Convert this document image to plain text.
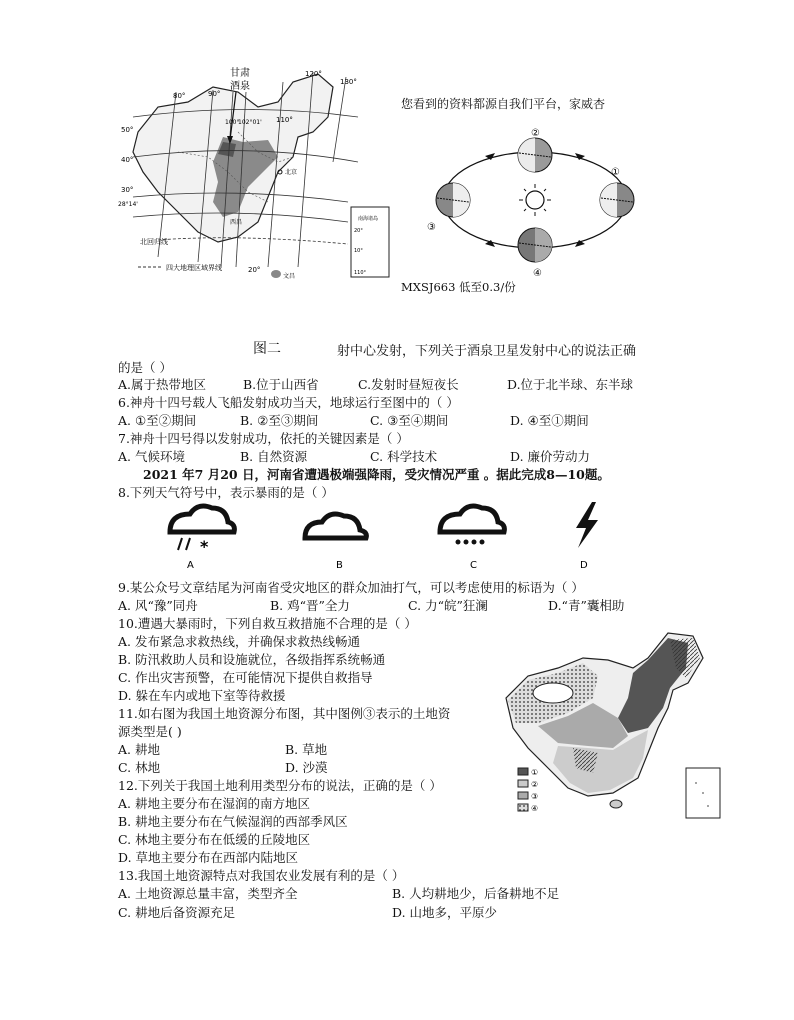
甘肃
酒泉
80°	90°
100°
102°01' 110°
120°
130°
50°
40°
30°
28°14'
20°
北回归线
四大地理区域界线
西昌
北京
文昌
南海诸岛
20°
10°
110°
您看到的资料都源自我们平台，家威杏
②
①
③
④
MXSJ663 低至0.3/份
图二	射中心发射，下列关于酒泉卫星发射中心的说法正确
的是（ ）
A.属于热带地区	B.位于山西省	C.发射时昼短夜长	D.位于北半球、东半球
6.神舟十四号载人飞船发射成功当天，地球运行至图中的（ ）
A. ①至②期间	B. ②至③期间	C. ③至④期间	D. ④至①期间
7.神舟十四号得以发射成功，依托的关键因素是（ ）
A. 气候环境	B. 自然资源	C. 科学技术	D. 廉价劳动力
2021 年7 月20 日，河南省遭遇极端强降雨，受灾情况严重 。据此完成8—10题。
8.下列天气符号中，表示暴雨的是（ ）
*
A	B	C	D
9.某公众号文章结尾为河南省受灾地区的群众加油打气，可以考虑使用的标语为（ ）
A. 风“豫”同舟	B. 鸡“晋”全力	C. 力“皖”狂澜	D.“青”囊相助
10.遭遇大暴雨时，下列自救互救措施不合理的是（ ）
A. 发布紧急求救热线，并确保求救热线畅通
B. 防汛救助人员和设施就位，各级指挥系统畅通
C. 作出灾害预警，在可能情况下提供自救指导
D. 躲在车内或地下室等待救援
11.如右图为我国土地资源分布图，其中图例③表示的土地资
源类型是( )
A. 耕地	B. 草地
C. 林地	D. 沙漠	①
②
③
④
12.下列关于我国土地利用类型分布的说法，正确的是（ ）
A. 耕地主要分布在湿润的南方地区
B. 耕地主要分布在气候湿润的西部季风区
C. 林地主要分布在低缓的丘陵地区
D. 草地主要分布在西部内陆地区
13.我国土地资源特点对我国农业发展有利的是（ ）
A. 土地资源总量丰富，类型齐全	B. 人均耕地少，后备耕地不足
C. 耕地后备资源充足	D. 山地多，平原少
